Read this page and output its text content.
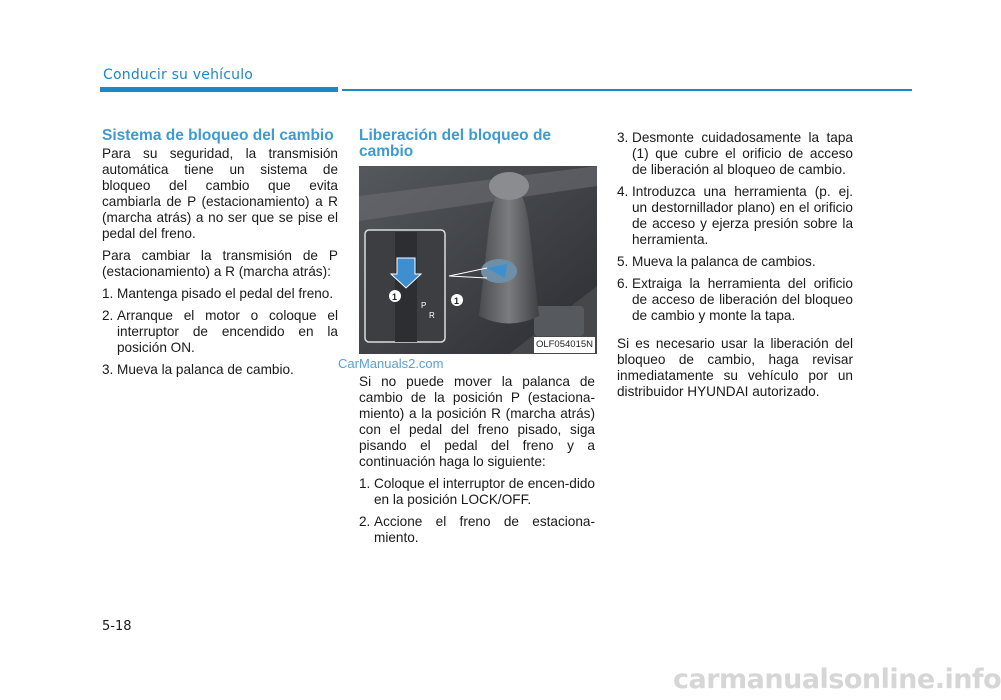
Conducir su vehículo
Sistema de bloqueo del cambio

Para su seguridad, la transmisión automática tiene un sistema de bloqueo del cambio que evita cambiarla de P (estacionamiento) a R (marcha atrás) a no ser que se pise el pedal del freno.

Para cambiar la transmisión de P (estacionamiento) a R (marcha atrás):

1. Mantenga pisado el pedal del freno.
2. Arranque el motor o coloque el interruptor de encendido en la posición ON.
3. Mueva la palanca de cambio.
Liberación del bloqueo de cambio
P
R
1	1
OLF054015N

Si no puede mover la palanca de cambio de la posición P (estaciona-miento) a la posición R (marcha atrás) con el pedal del freno pisado, siga pisando el pedal del freno y a continuación haga lo siguiente:

1. Coloque el interruptor de encen-dido en la posición LOCK/OFF.
2. Accione el freno de estaciona-miento.
3. Desmonte cuidadosamente la tapa (1) que cubre el orificio de acceso de liberación al bloqueo de cambio.
4. Introduzca una herramienta (p. ej. un destornillador plano) en el orificio de acceso y ejerza presión sobre la herramienta.
5. Mueva la palanca de cambios.
6. Extraiga la herramienta del orificio de acceso de liberación del bloqueo de cambio y monte la tapa.

Si es necesario usar la liberación del bloqueo de cambio, haga revisar inmediatamente su vehículo por un distribuidor HYUNDAI autorizado.

CarManuals2.com
5-18
carmanualsonline.info
